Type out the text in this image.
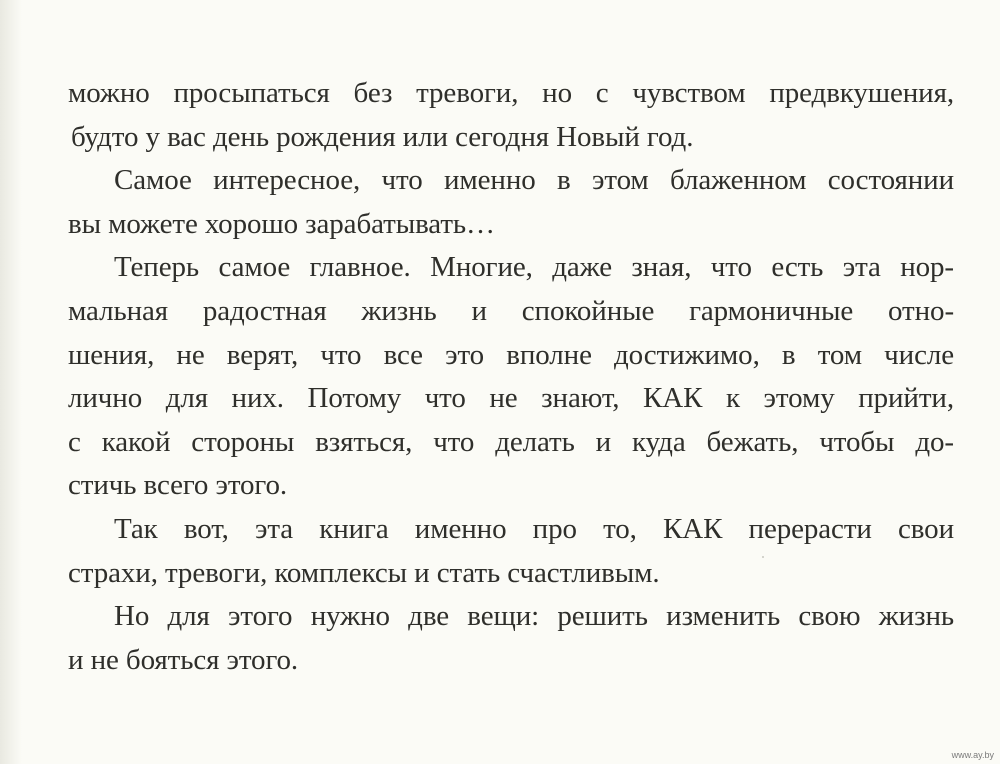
можно просыпаться без тревоги, но с чувством предвкушения,
будто у вас день рождения или сегодня Новый год.
Самое интересное, что именно в этом блаженном состоянии
вы можете хорошо зарабатывать…
Теперь самое главное. Многие, даже зная, что есть эта нор-
мальная радостная жизнь и спокойные гармоничные отно-
шения, не верят, что все это вполне достижимо, в том числе
лично для них. Потому что не знают, КАК к этому прийти,
с какой стороны взяться, что делать и куда бежать, чтобы до-
стичь всего этого.
Так вот, эта книга именно про то, КАК перерасти свои
страхи, тревоги, комплексы и стать счастливым.
Но для этого нужно две вещи: решить изменить свою жизнь
и не бояться этого.
www.ay.by
